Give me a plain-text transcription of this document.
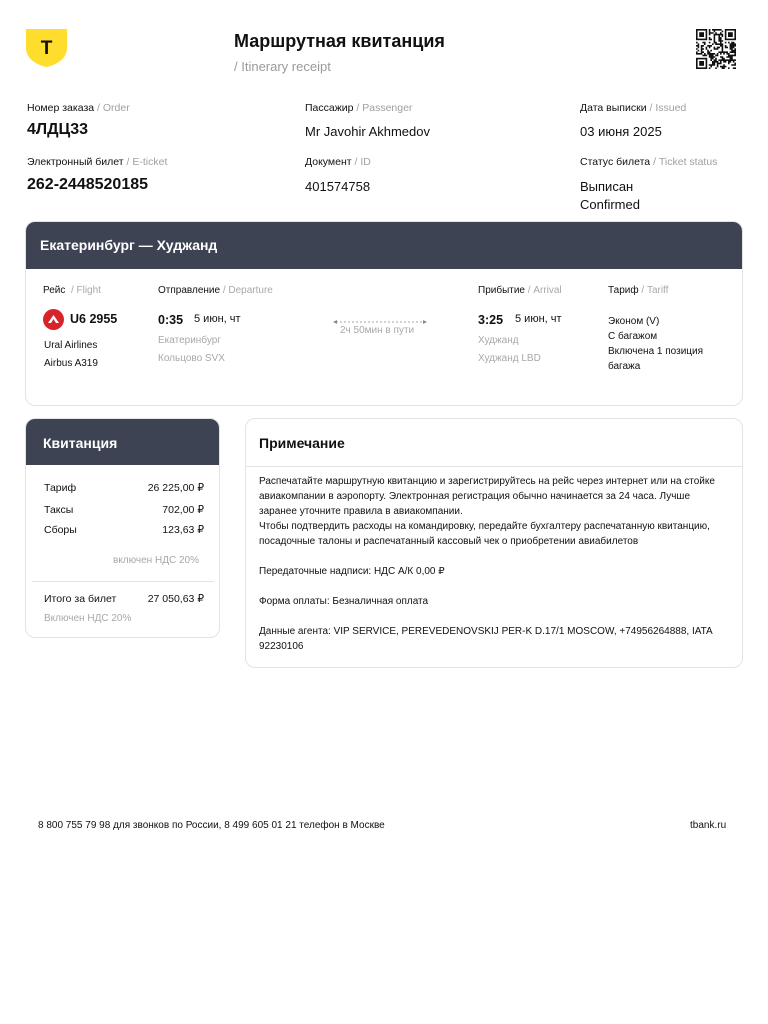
Т	Маршрутная квитанция
/ Itinerary receipt
Номер заказа / Order
4ЛДЦ33
Электронный билет / E-ticket
262-2448520185
Пассажир / Passenger
Mr Javohir Akhmedov
Документ / ID
401574758
Дата выписки / Issued
03 июня 2025
Статус билета / Ticket status
Выписан
Confirmed
Екатеринбург — Худжанд
Рейс / Flight
U6 2955
Ural Airlines
Airbus A319
Отправление / Departure
0:35 5 июн, чт
Екатеринбург
Кольцово SVX
2ч 50мин в пути
Прибытие / Arrival
3:25 5 июн, чт
Худжанд
Худжанд LBD
Тариф / Tariff
Эконом (V)
С багажом
Включена 1 позиция багажа
Квитанция
Тариф	26 225,00 ₽
Таксы	702,00 ₽
Сборы	123,63 ₽
включен НДС 20%
Итого за билет	27 050,63 ₽
Включен НДС 20%
Примечание

Распечатайте маршрутную квитанцию и зарегистрируйтесь на рейс через интернет или на стойке авиакомпании в аэропорту. Электронная регистрация обычно начинается за 24 часа. Лучше заранее уточните правила в авиакомпании.

Чтобы подтвердить расходы на командировку, передайте бухгалтеру распечатанную квитанцию, посадочные талоны и распечатанный кассовый чек о приобретении авиабилетов

Передаточные надписи: НДС А/К 0,00 ₽

Форма оплаты: Безналичная оплата

Данные агента: VIP SERVICE, PEREVEDENOVSKIJ PER-K D.17/1 MOSCOW, +74956264888, IATA 92230106

8 800 755 79 98 для звонков по России, 8 499 605 01 21 телефон в Москве	tbank.ru
